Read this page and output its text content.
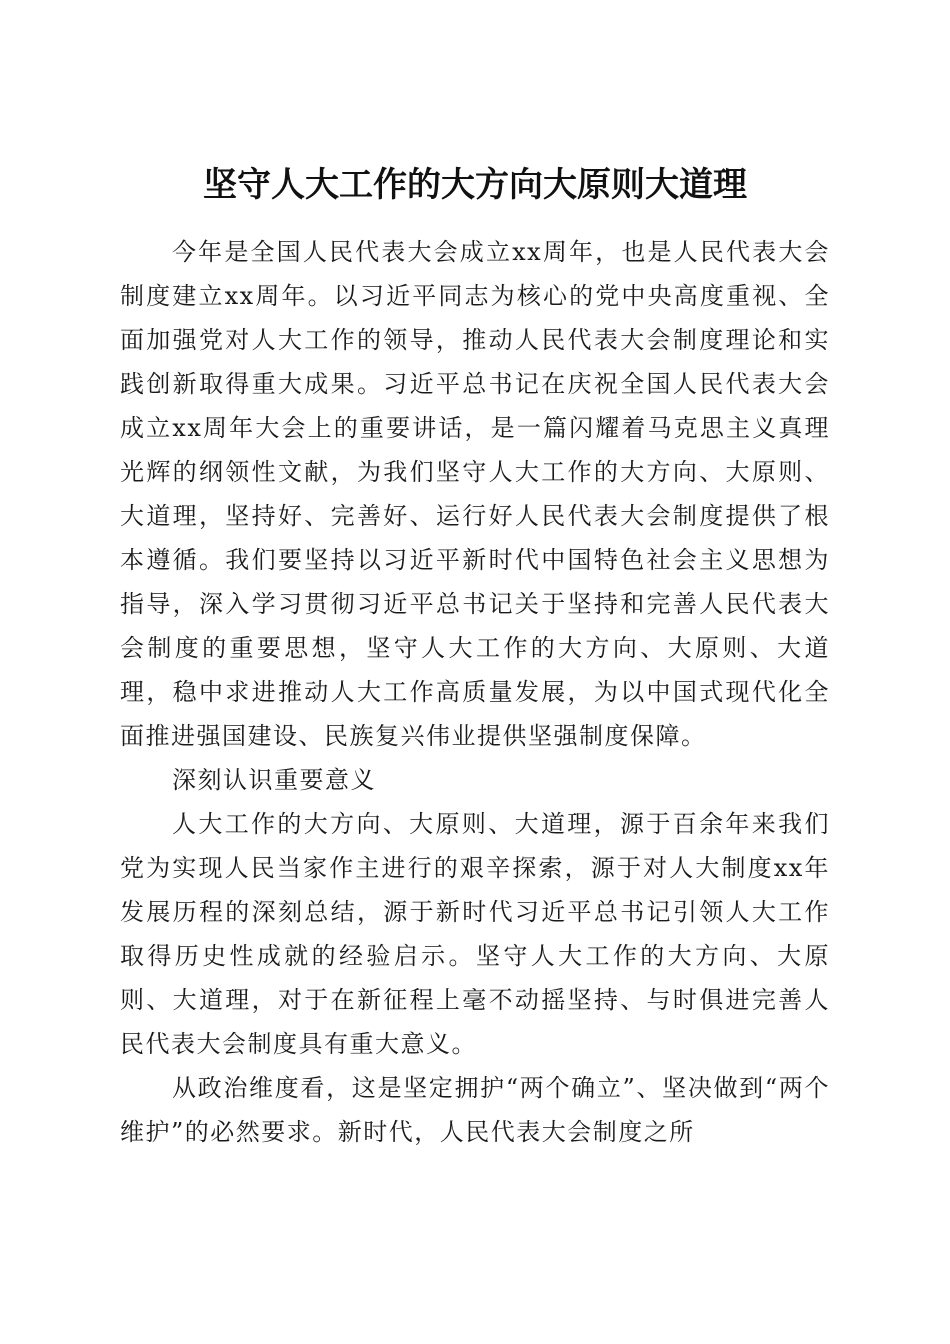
坚守人大工作的大方向大原则大道理

今年是全国人民代表大会成立xx周年，也是人民代表大会制度建立xx周年。以习近平同志为核心的党中央高度重视、全面加强党对人大工作的领导，推动人民代表大会制度理论和实践创新取得重大成果。习近平总书记在庆祝全国人民代表大会成立xx周年大会上的重要讲话，是一篇闪耀着马克思主义真理光辉的纲领性文献，为我们坚守人大工作的大方向、大原则、大道理，坚持好、完善好、运行好人民代表大会制度提供了根本遵循。我们要坚持以习近平新时代中国特色社会主义思想为指导，深入学习贯彻习近平总书记关于坚持和完善人民代表大会制度的重要思想，坚守人大工作的大方向、大原则、大道理，稳中求进推动人大工作高质量发展，为以中国式现代化全面推进强国建设、民族复兴伟业提供坚强制度保障。

深刻认识重要意义

人大工作的大方向、大原则、大道理，源于百余年来我们党为实现人民当家作主进行的艰辛探索，源于对人大制度xx年发展历程的深刻总结，源于新时代习近平总书记引领人大工作取得历史性成就的经验启示。坚守人大工作的大方向、大原则、大道理，对于在新征程上毫不动摇坚持、与时俱进完善人民代表大会制度具有重大意义。

从政治维度看，这是坚定拥护“两个确立”、坚决做到“两个维护”的必然要求。新时代，人民代表大会制度之所
